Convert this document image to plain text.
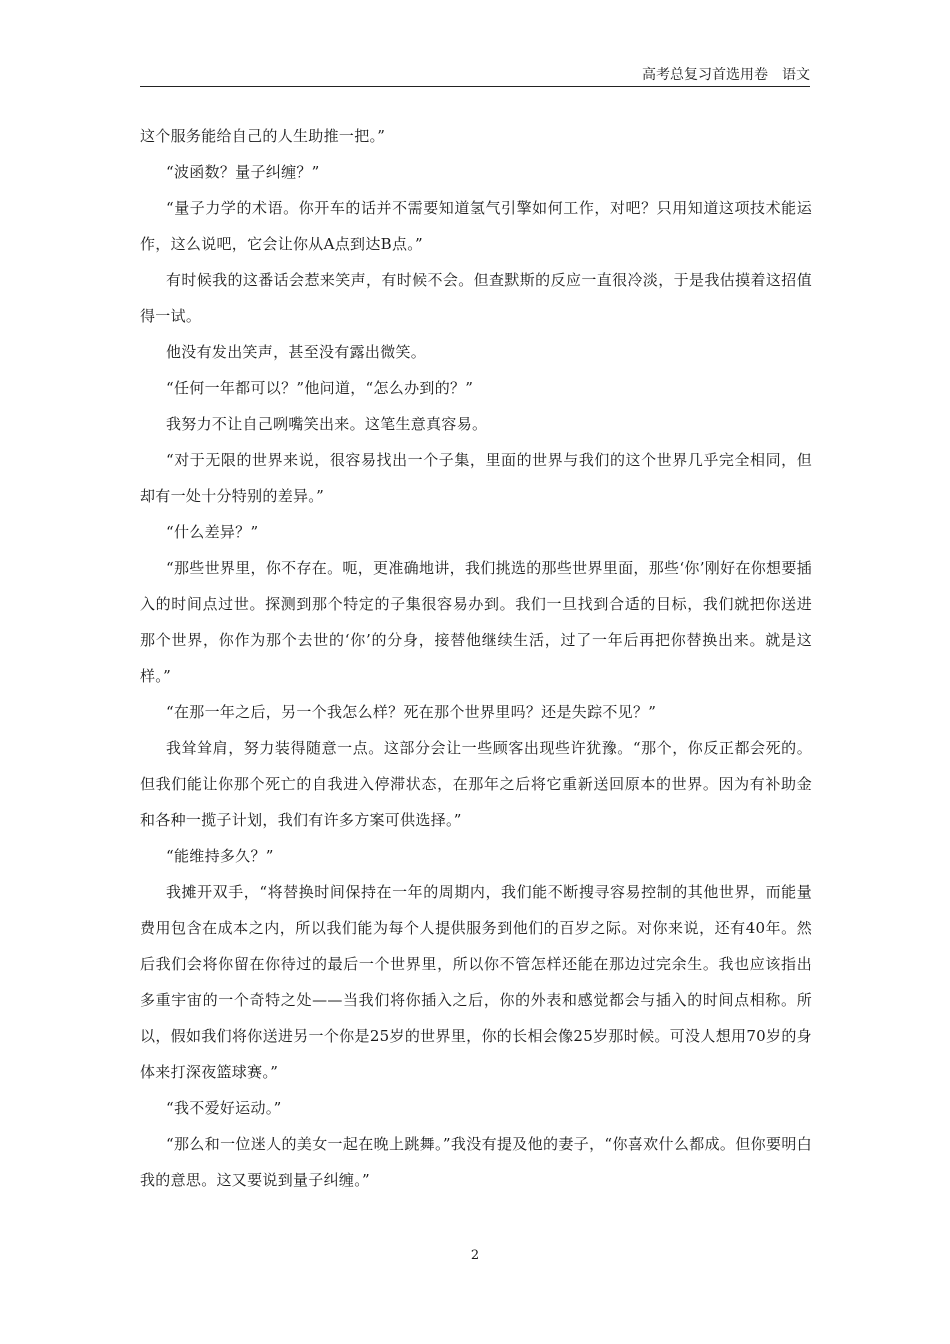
高考总复习首选用卷　语文

这个服务能给自己的人生助推一把。”

“波函数？量子纠缠？”

“量子力学的术语。你开车的话并不需要知道氢气引擎如何工作，对吧？只用知道这项技术能运作，这么说吧，它会让你从A点到达B点。”

有时候我的这番话会惹来笑声，有时候不会。但查默斯的反应一直很冷淡，于是我估摸着这招值得一试。

他没有发出笑声，甚至没有露出微笑。

“任何一年都可以？”他问道，“怎么办到的？”

我努力不让自己咧嘴笑出来。这笔生意真容易。

“对于无限的世界来说，很容易找出一个子集，里面的世界与我们的这个世界几乎完全相同，但却有一处十分特别的差异。”

“什么差异？”

“那些世界里，你不存在。呃，更准确地讲，我们挑选的那些世界里面，那些‘你’刚好在你想要插入的时间点过世。探测到那个特定的子集很容易办到。我们一旦找到合适的目标，我们就把你送进那个世界，你作为那个去世的‘你’的分身，接替他继续生活，过了一年后再把你替换出来。就是这样。”

“在那一年之后，另一个我怎么样？死在那个世界里吗？还是失踪不见？”

我耸耸肩，努力装得随意一点。这部分会让一些顾客出现些许犹豫。“那个，你反正都会死的。但我们能让你那个死亡的自我进入停滞状态，在那年之后将它重新送回原本的世界。因为有补助金和各种一揽子计划，我们有许多方案可供选择。”

“能维持多久？”

我摊开双手，“将替换时间保持在一年的周期内，我们能不断搜寻容易控制的其他世界，而能量费用包含在成本之内，所以我们能为每个人提供服务到他们的百岁之际。对你来说，还有40年。然后我们会将你留在你待过的最后一个世界里，所以你不管怎样还能在那边过完余生。我也应该指出多重宇宙的一个奇特之处——当我们将你插入之后，你的外表和感觉都会与插入的时间点相称。所以，假如我们将你送进另一个你是25岁的世界里，你的长相会像25岁那时候。可没人想用70岁的身体来打深夜篮球赛。”

“我不爱好运动。”

“那么和一位迷人的美女一起在晚上跳舞。”我没有提及他的妻子，“你喜欢什么都成。但你要明白我的意思。这又要说到量子纠缠。”

2
